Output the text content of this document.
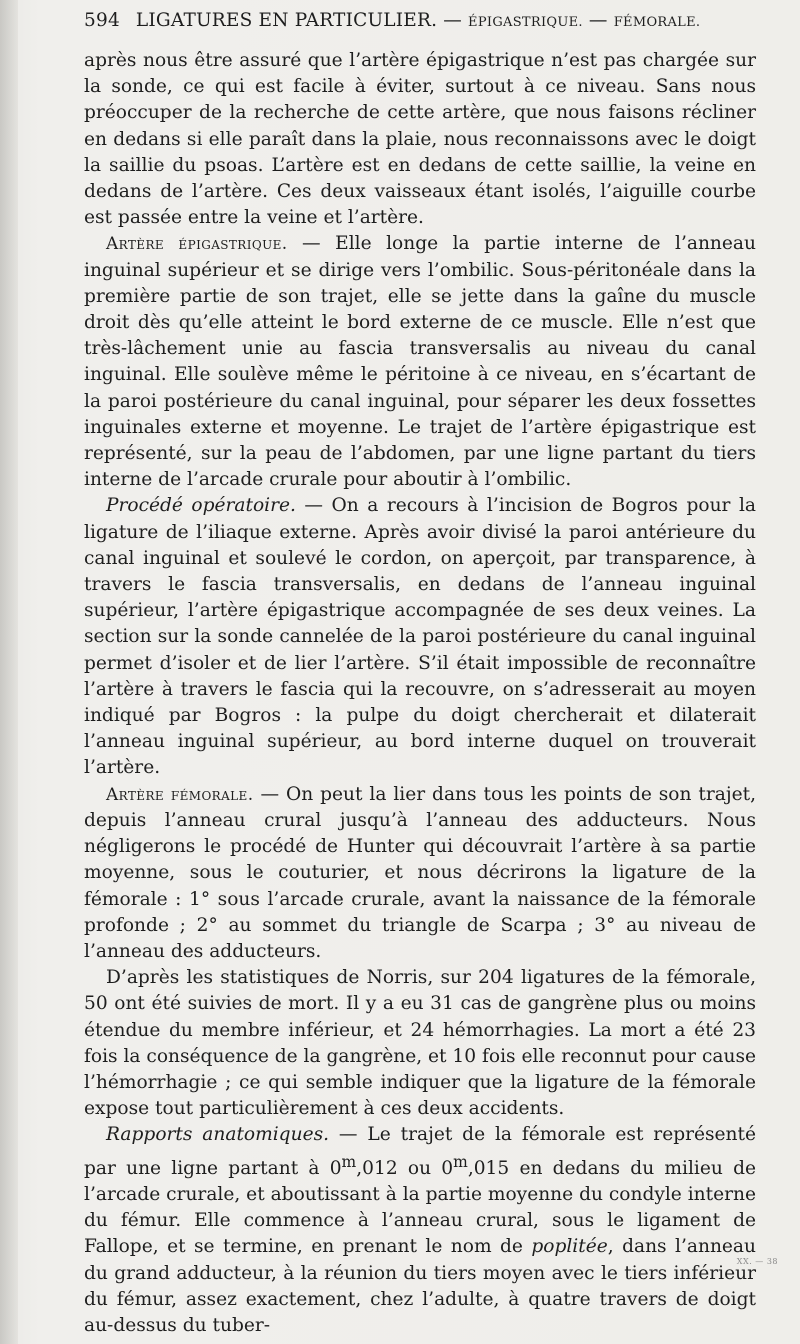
594 LIGATURES EN PARTICULIER. — ÉPIGASTRIQUE. — FÉMORALE.

après nous être assuré que l’artère épigastrique n’est pas chargée sur la sonde, ce qui est facile à éviter, surtout à ce niveau. Sans nous préoccuper de la recherche de cette artère, que nous faisons récliner en dedans si elle paraît dans la plaie, nous reconnaissons avec le doigt la saillie du psoas. L’artère est en dedans de cette saillie, la veine en dedans de l’artère. Ces deux vaisseaux étant isolés, l’aiguille courbe est passée entre la veine et l’artère.

Artère épigastrique. — Elle longe la partie interne de l’anneau inguinal supérieur et se dirige vers l’ombilic. Sous-péritonéale dans la première partie de son trajet, elle se jette dans la gaîne du muscle droit dès qu’elle atteint le bord externe de ce muscle. Elle n’est que très-lâchement unie au fascia transversalis au niveau du canal inguinal. Elle soulève même le péritoine à ce niveau, en s’écartant de la paroi postérieure du canal inguinal, pour séparer les deux fossettes inguinales externe et moyenne. Le trajet de l’artère épigastrique est représenté, sur la peau de l’abdomen, par une ligne partant du tiers interne de l’arcade crurale pour aboutir à l’ombilic.

Procédé opératoire. — On a recours à l’incision de Bogros pour la ligature de l’iliaque externe. Après avoir divisé la paroi antérieure du canal inguinal et soulevé le cordon, on aperçoit, par transparence, à travers le fascia transversalis, en dedans de l’anneau inguinal supérieur, l’artère épigastrique accompagnée de ses deux veines. La section sur la sonde cannelée de la paroi postérieure du canal inguinal permet d’isoler et de lier l’artère. S’il était impossible de reconnaître l’artère à travers le fascia qui la recouvre, on s’adresserait au moyen indiqué par Bogros : la pulpe du doigt chercherait et dilaterait l’anneau inguinal supérieur, au bord interne duquel on trouverait l’artère.

Artère fémorale. — On peut la lier dans tous les points de son trajet, depuis l’anneau crural jusqu’à l’anneau des adducteurs. Nous négligerons le procédé de Hunter qui découvrait l’artère à sa partie moyenne, sous le couturier, et nous décrirons la ligature de la fémorale : 1° sous l’arcade crurale, avant la naissance de la fémorale profonde ; 2° au sommet du triangle de Scarpa ; 3° au niveau de l’anneau des adducteurs.

D’après les statistiques de Norris, sur 204 ligatures de la fémorale, 50 ont été suivies de mort. Il y a eu 31 cas de gangrène plus ou moins étendue du membre inférieur, et 24 hémorrhagies. La mort a été 23 fois la conséquence de la gangrène, et 10 fois elle reconnut pour cause l’hémorrhagie ; ce qui semble indiquer que la ligature de la fémorale expose tout particulièrement à ces deux accidents.

Rapports anatomiques. — Le trajet de la fémorale est représenté par une ligne partant à 0$^m$,012 ou 0$^m$,015 en dedans du milieu de l’arcade crurale, et aboutissant à la partie moyenne du condyle interne du fémur. Elle commence à l’anneau crural, sous le ligament de Fallope, et se termine, en prenant le nom de poplitée, dans l’anneau du grand adducteur, à la réunion du tiers moyen avec le tiers inférieur du fémur, assez exactement, chez l’adulte, à quatre travers de doigt au-dessus du tuber-

XX. — 38
